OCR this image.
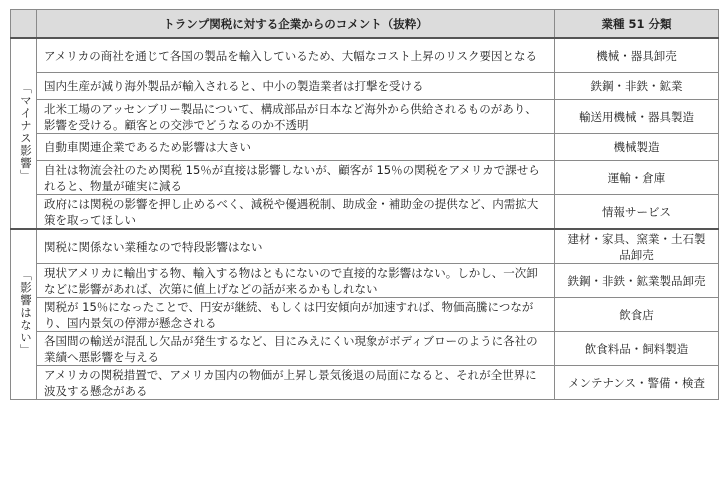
	トランプ関税に対する企業からのコメント（抜粋）	業種 51 分類
「マイナス影響」	アメリカの商社を通じて各国の製品を輸入しているため、大幅なコスト上昇のリスク要因となる	機械・器具卸売
	国内生産が減り海外製品が輸入されると、中小の製造業者は打撃を受ける	鉄鋼・非鉄・鉱業
	北米工場のアッセンブリー製品について、構成部品が日本など海外から供給されるものがあり、影響を受ける。顧客との交渉でどうなるのか不透明	輸送用機械・器具製造
	自動車関連企業であるため影響は大きい	機械製造
	自社は物流会社のため関税 15％が直接は影響しないが、顧客が 15％の関税をアメリカで課せられると、物量が確実に減る	運輸・倉庫
	政府には関税の影響を押し止めるべく、減税や優遇税制、助成金・補助金の提供など、内需拡大策を取ってほしい	情報サービス
「影響はない」	関税に関係ない業種なので特段影響はない	建材・家具、窯業・土石製品卸売
	現状アメリカに輸出する物、輸入する物はともにないので直接的な影響はない。しかし、一次卸などに影響があれば、次第に値上げなどの話が来るかもしれない	鉄鋼・非鉄・鉱業製品卸売
	関税が 15％になったことで、円安が継続、もしくは円安傾向が加速すれば、物価高騰につながり、国内景気の停滞が懸念される	飲食店
	各国間の輸送が混乱し欠品が発生するなど、目にみえにくい現象がボディブローのように各社の業績へ悪影響を与える	飲食料品・飼料製造
	アメリカの関税措置で、アメリカ国内の物価が上昇し景気後退の局面になると、それが全世界に波及する懸念がある	メンテナンス・警備・検査
